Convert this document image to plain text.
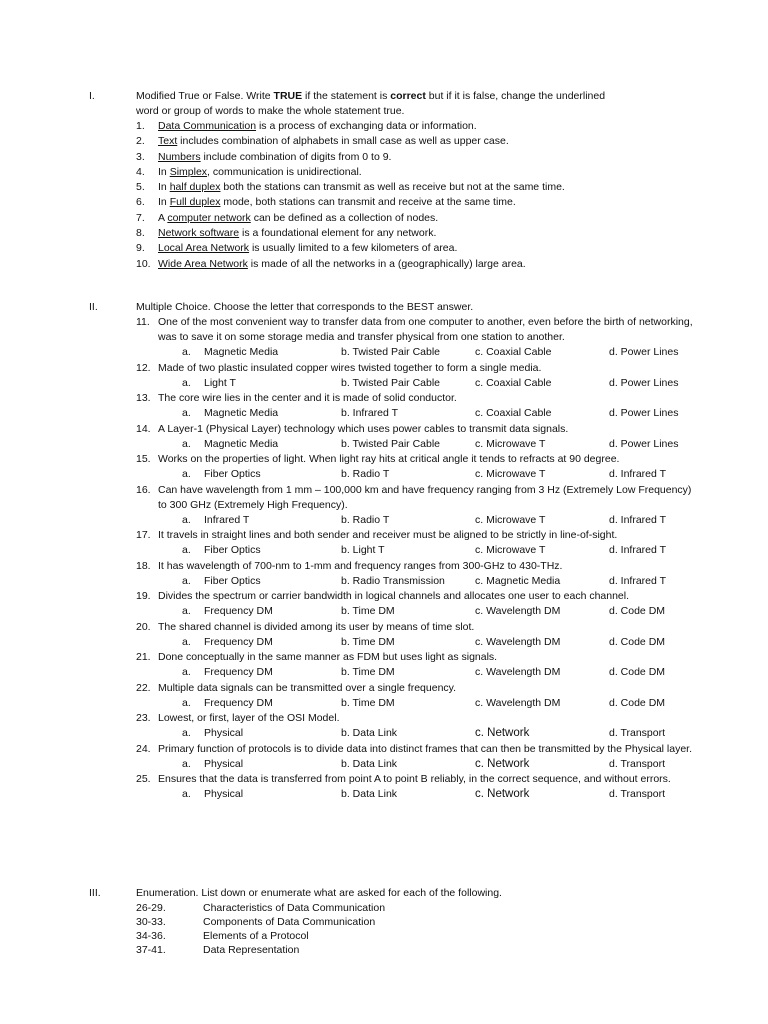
I.	Modified True or False. Write TRUE if the statement is correct but if it is false, change the underlined
word or group of words to make the whole statement true.
1. Data Communication is a process of exchanging data or information.
2. Text includes combination of alphabets in small case as well as upper case.
3. Numbers include combination of digits from 0 to 9.
4. In Simplex, communication is unidirectional.
5. In half duplex both the stations can transmit as well as receive but not at the same time.
6. In Full duplex mode, both stations can transmit and receive at the same time.
7. A computer network can be defined as a collection of nodes.
8. Network software is a foundational element for any network.
9. Local Area Network is usually limited to a few kilometers of area.
10. Wide Area Network is made of all the networks in a (geographically) large area.
II.	Multiple Choice. Choose the letter that corresponds to the BEST answer.
11. One of the most convenient way to transfer data from one computer to another, even before the birth of networking, was to save it on some storage media and transfer physical from one station to another.
a. Magnetic Media	b. Twisted Pair Cable	c. Coaxial Cable	d. Power Lines
12. Made of two plastic insulated copper wires twisted together to form a single media.
a. Light T	b. Twisted Pair Cable	c. Coaxial Cable	d. Power Lines
13. The core wire lies in the center and it is made of solid conductor.
a. Magnetic Media	b. Infrared T	c. Coaxial Cable	d. Power Lines
14. A Layer-1 (Physical Layer) technology which uses power cables to transmit data signals.
a. Magnetic Media	b. Twisted Pair Cable	c. Microwave T	d. Power Lines
15. Works on the properties of light. When light ray hits at critical angle it tends to refracts at 90 degree.
a. Fiber Optics	b. Radio T	c. Microwave T	d. Infrared T
16. Can have wavelength from 1 mm – 100,000 km and have frequency ranging from 3 Hz (Extremely Low Frequency) to 300 GHz (Extremely High Frequency).
a. Infrared T	b. Radio T	c. Microwave T	d. Infrared T
17. It travels in straight lines and both sender and receiver must be aligned to be strictly in line-of-sight.
a. Fiber Optics	b. Light T	c. Microwave T	d. Infrared T
18. It has wavelength of 700-nm to 1-mm and frequency ranges from 300-GHz to 430-THz.
a. Fiber Optics	b. Radio Transmission	c. Magnetic Media	d. Infrared T
19. Divides the spectrum or carrier bandwidth in logical channels and allocates one user to each channel.
a. Frequency DM	b. Time DM	c. Wavelength DM	d. Code DM
20. The shared channel is divided among its user by means of time slot.
a. Frequency DM	b. Time DM	c. Wavelength DM	d. Code DM
21. Done conceptually in the same manner as FDM but uses light as signals.
a. Frequency DM	b. Time DM	c. Wavelength DM	d. Code DM
22. Multiple data signals can be transmitted over a single frequency.
a. Frequency DM	b. Time DM	c. Wavelength DM	d. Code DM
23. Lowest, or first, layer of the OSI Model.
a. Physical	b. Data Link	c. Network	d. Transport
24. Primary function of protocols is to divide data into distinct frames that can then be transmitted by the Physical layer.
a. Physical	b. Data Link	c. Network	d. Transport
25. Ensures that the data is transferred from point A to point B reliably, in the correct sequence, and without errors.
a. Physical	b. Data Link	c. Network	d. Transport
III.	Enumeration. List down or enumerate what are asked for each of the following.
26-29.	Characteristics of Data Communication
30-33.	Components of Data Communication
34-36.	Elements of a Protocol
37-41.	Data Representation
